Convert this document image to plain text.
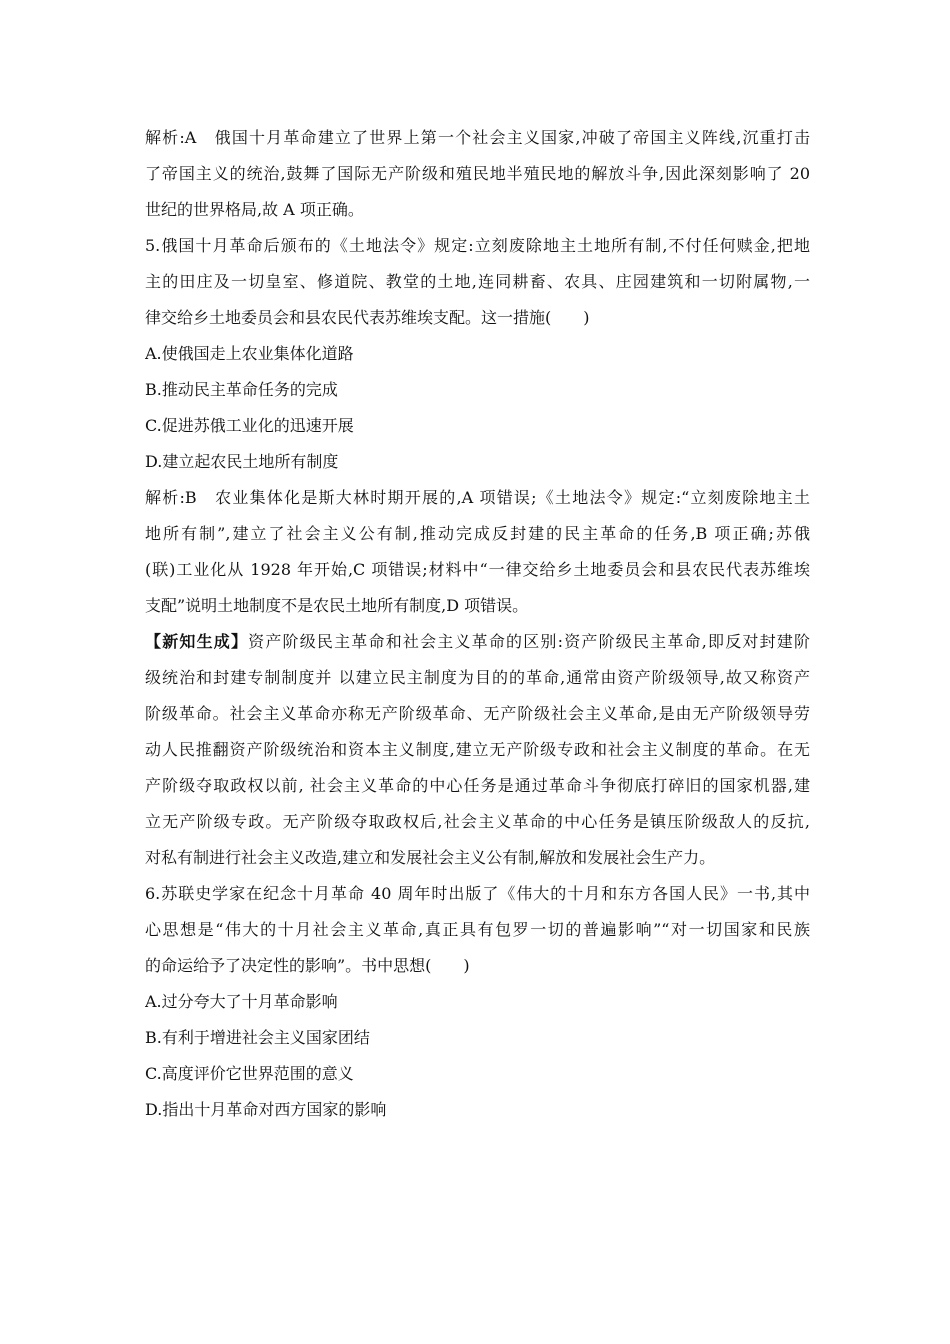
解析:A　俄国十月革命建立了世界上第一个社会主义国家,冲破了帝国主义阵线,沉重打击
了帝国主义的统治,鼓舞了国际无产阶级和殖民地半殖民地的解放斗争,因此深刻影响了 20
世纪的世界格局,故 A 项正确。
5.俄国十月革命后颁布的《土地法令》规定:立刻废除地主土地所有制,不付任何赎金,把地
主的田庄及一切皇室、修道院、教堂的土地,连同耕畜、农具、庄园建筑和一切附属物,一
律交给乡土地委员会和县农民代表苏维埃支配。这一措施(　　)
A.使俄国走上农业集体化道路
B.推动民主革命任务的完成
C.促进苏俄工业化的迅速开展
D.建立起农民土地所有制度
解析:B　农业集体化是斯大林时期开展的,A 项错误;《土地法令》规定:“立刻废除地主土
地所有制”,建立了社会主义公有制,推动完成反封建的民主革命的任务,B 项正确;苏俄
(联)工业化从 1928 年开始,C 项错误;材料中“一律交给乡土地委员会和县农民代表苏维埃
支配”说明土地制度不是农民土地所有制度,D 项错误。
【新知生成】资产阶级民主革命和社会主义革命的区别:资产阶级民主革命,即反对封建阶
级统治和封建专制制度并 以建立民主制度为目的的革命,通常由资产阶级领导,故又称资产
阶级革命。社会主义革命亦称无产阶级革命、无产阶级社会主义革命,是由无产阶级领导劳
动人民推翻资产阶级统治和资本主义制度,建立无产阶级专政和社会主义制度的革命。在无
产阶级夺取政权以前, 社会主义革命的中心任务是通过革命斗争彻底打碎旧的国家机器,建
立无产阶级专政。无产阶级夺取政权后,社会主义革命的中心任务是镇压阶级敌人的反抗,
对私有制进行社会主义改造,建立和发展社会主义公有制,解放和发展社会生产力。
6.苏联史学家在纪念十月革命 40 周年时出版了《伟大的十月和东方各国人民》一书,其中
心思想是“伟大的十月社会主义革命,真正具有包罗一切的普遍影响”“对一切国家和民族
的命运给予了决定性的影响”。书中思想(　　)
A.过分夸大了十月革命影响
B.有利于增进社会主义国家团结
C.高度评价它世界范围的意义
D.指出十月革命对西方国家的影响
